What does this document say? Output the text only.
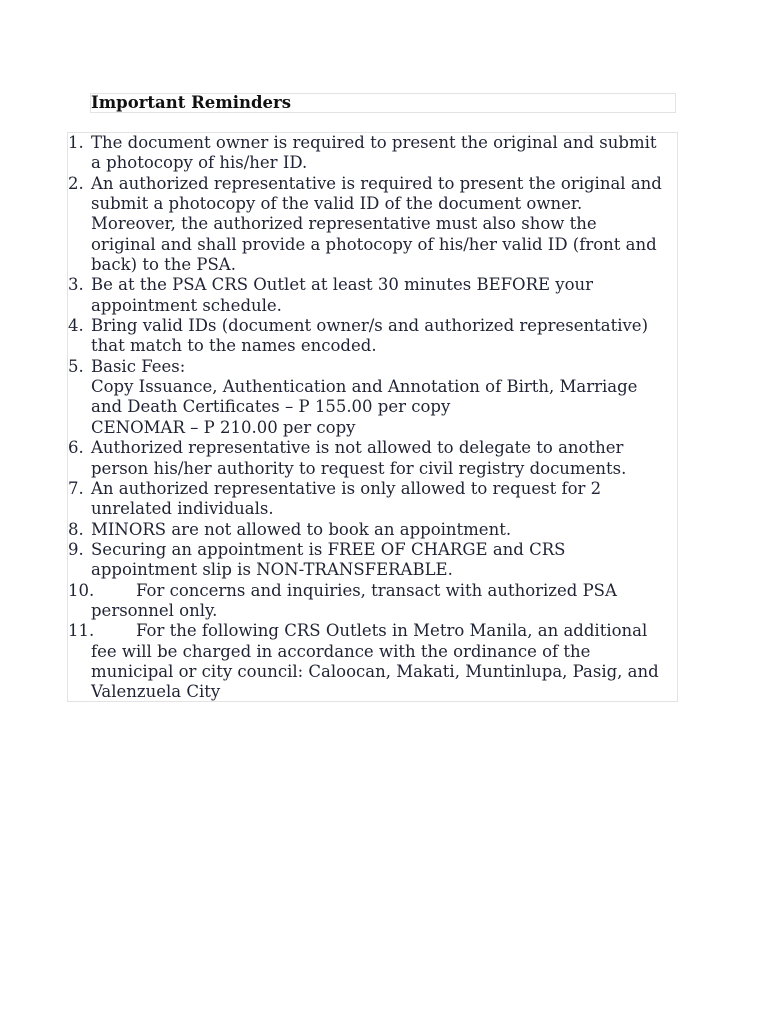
Important Reminders
1. The document owner is required to present the original and submit
a photocopy of his/her ID.
2. An authorized representative is required to present the original and
submit a photocopy of the valid ID of the document owner.
Moreover, the authorized representative must also show the
original and shall provide a photocopy of his/her valid ID (front and
back) to the PSA.
3. Be at the PSA CRS Outlet at least 30 minutes BEFORE your
appointment schedule.
4. Bring valid IDs (document owner/s and authorized representative)
that match to the names encoded.
5. Basic Fees:
Copy Issuance, Authentication and Annotation of Birth, Marriage
and Death Certificates – P 155.00 per copy
CENOMAR – P 210.00 per copy
6. Authorized representative is not allowed to delegate to another
person his/her authority to request for civil registry documents.
7. An authorized representative is only allowed to request for 2
unrelated individuals.
8. MINORS are not allowed to book an appointment.
9. Securing an appointment is FREE OF CHARGE and CRS
appointment slip is NON-TRANSFERABLE.
10.	For concerns and inquiries, transact with authorized PSA
personnel only.
11.	For the following CRS Outlets in Metro Manila, an additional
fee will be charged in accordance with the ordinance of the
municipal or city council: Caloocan, Makati, Muntinlupa, Pasig, and
Valenzuela City
